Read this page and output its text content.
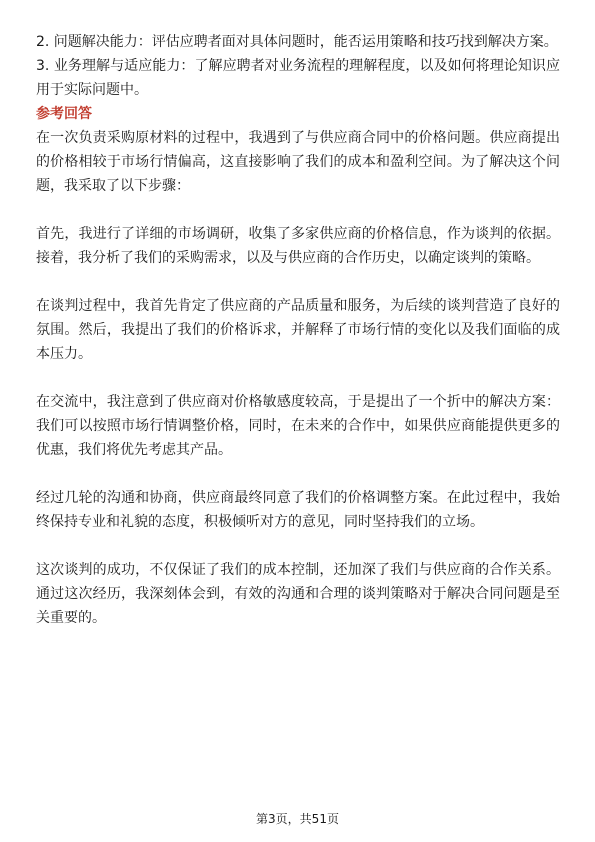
2. 问题解决能力：评估应聘者面对具体问题时，能否运用策略和技巧找到解决方案。

3. 业务理解与适应能力：了解应聘者对业务流程的理解程度，以及如何将理论知识应用于实际问题中。

参考回答

在一次负责采购原材料的过程中，我遇到了与供应商合同中的价格问题。供应商提出的价格相较于市场行情偏高，这直接影响了我们的成本和盈利空间。为了解决这个问题，我采取了以下步骤：

首先，我进行了详细的市场调研，收集了多家供应商的价格信息，作为谈判的依据。接着，我分析了我们的采购需求，以及与供应商的合作历史，以确定谈判的策略。

在谈判过程中，我首先肯定了供应商的产品质量和服务，为后续的谈判营造了良好的氛围。然后，我提出了我们的价格诉求，并解释了市场行情的变化以及我们面临的成本压力。

在交流中，我注意到了供应商对价格敏感度较高，于是提出了一个折中的解决方案：我们可以按照市场行情调整价格，同时，在未来的合作中，如果供应商能提供更多的优惠，我们将优先考虑其产品。

经过几轮的沟通和协商，供应商最终同意了我们的价格调整方案。在此过程中，我始终保持专业和礼貌的态度，积极倾听对方的意见，同时坚持我们的立场。

这次谈判的成功，不仅保证了我们的成本控制，还加深了我们与供应商的合作关系。通过这次经历，我深刻体会到，有效的沟通和合理的谈判策略对于解决合同问题是至关重要的。

第3页，共51页
